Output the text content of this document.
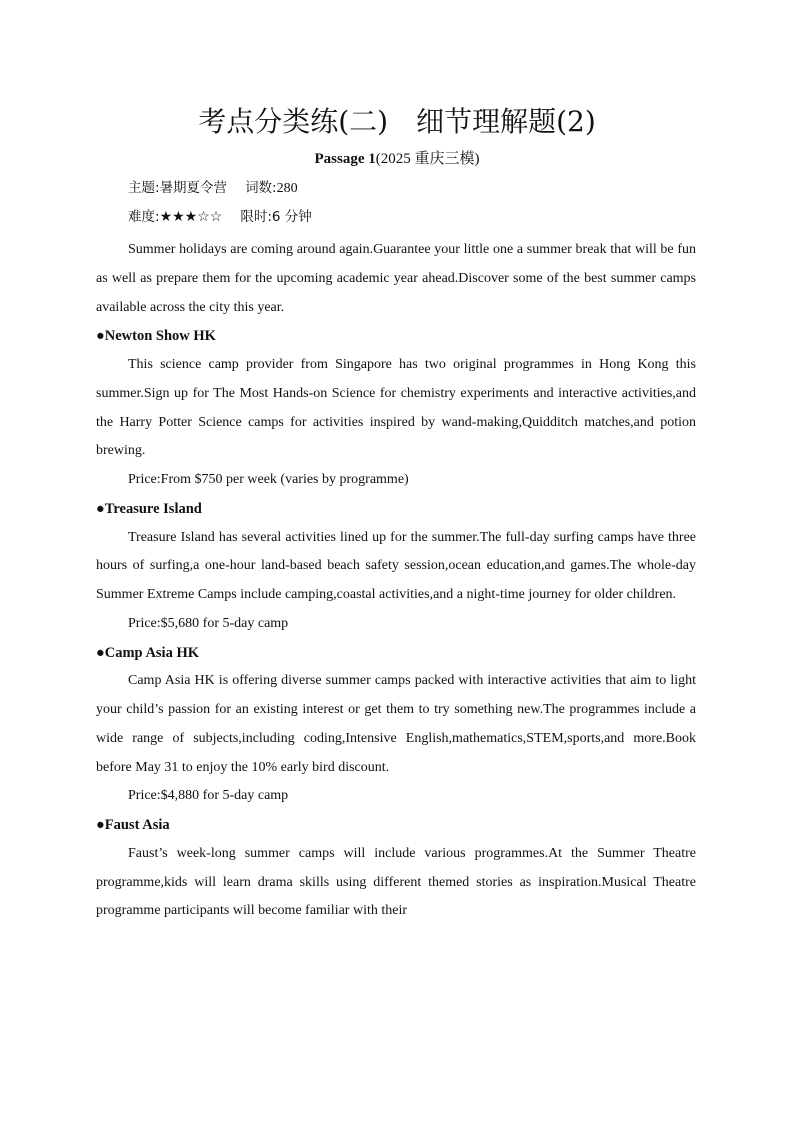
考点分类练(二)　细节理解题(2)
Passage 1(2025 重庆三模)
主题:暑期夏令营 词数:280
难度:★★★☆☆ 限时:6 分钟

Summer holidays are coming around again.Guarantee your little one a summer break that will be fun as well as prepare them for the upcoming academic year ahead.Discover some of the best summer camps available across the city this year.

●Newton Show HK

This science camp provider from Singapore has two original programmes in Hong Kong this summer.Sign up for The Most Hands-on Science for chemistry experiments and interactive activities,and the Harry Potter Science camps for activities inspired by wand-making,Quidditch matches,and potion brewing.

Price:From $750 per week (varies by programme)

●Treasure Island

Treasure Island has several activities lined up for the summer.The full-day surfing camps have three hours of surfing,a one-hour land-based beach safety session,ocean education,and games.The whole-day Summer Extreme Camps include camping,coastal activities,and a night-time journey for older children.

Price:$5,680 for 5-day camp

●Camp Asia HK

Camp Asia HK is offering diverse summer camps packed with interactive activities that aim to light your child’s passion for an existing interest or get them to try something new.The programmes include a wide range of subjects,including coding,Intensive English,mathematics,STEM,sports,and more.Book before May 31 to enjoy the 10% early bird discount.

Price:$4,880 for 5-day camp

●Faust Asia

Faust’s week-long summer camps will include various programmes.At the Summer Theatre programme,kids will learn drama skills using different themed stories as inspiration.Musical Theatre programme participants will become familiar with their
